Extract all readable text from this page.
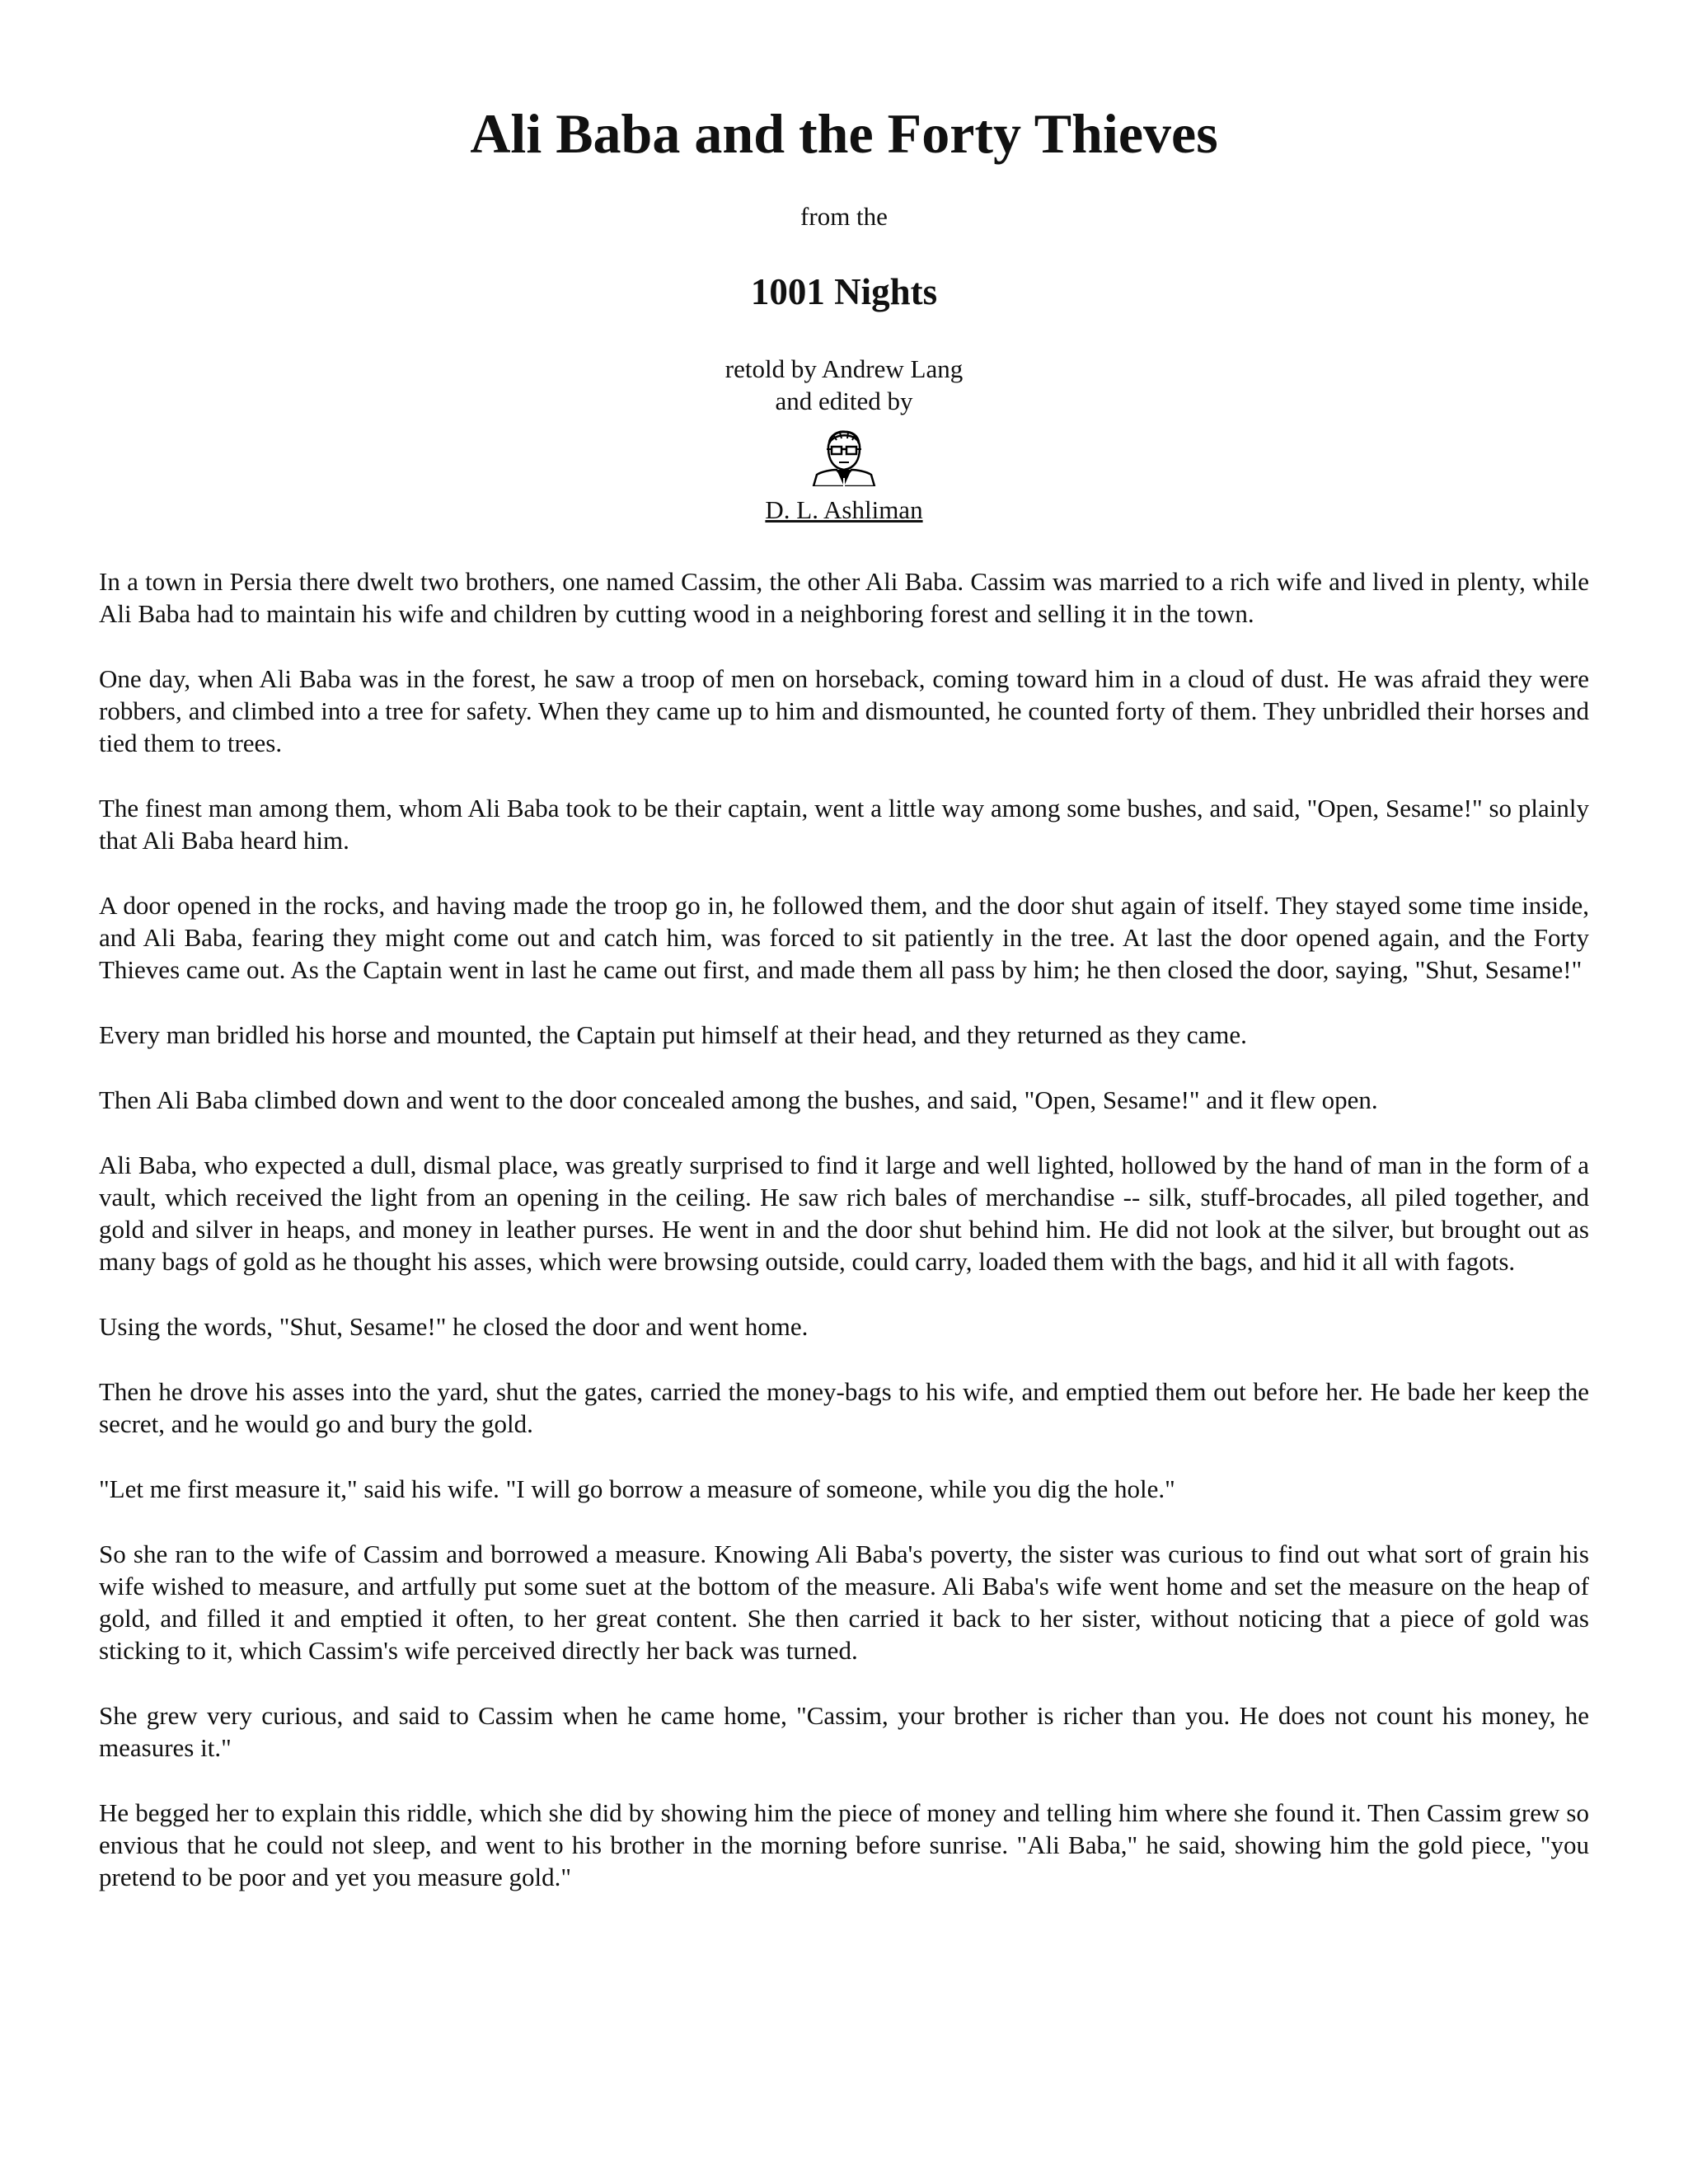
Ali Baba and the Forty Thieves
from the
1001 Nights
retold by Andrew Lang
and edited by
D. L. Ashliman

In a town in Persia there dwelt two brothers, one named Cassim, the other Ali Baba. Cassim was married to a rich wife and lived in plenty, while Ali Baba had to maintain his wife and children by cutting wood in a neighboring forest and selling it in the town.

One day, when Ali Baba was in the forest, he saw a troop of men on horseback, coming toward him in a cloud of dust. He was afraid they were robbers, and climbed into a tree for safety. When they came up to him and dismounted, he counted forty of them. They unbridled their horses and tied them to trees.

The finest man among them, whom Ali Baba took to be their captain, went a little way among some bushes, and said, "Open, Sesame!" so plainly that Ali Baba heard him.

A door opened in the rocks, and having made the troop go in, he followed them, and the door shut again of itself. They stayed some time inside, and Ali Baba, fearing they might come out and catch him, was forced to sit patiently in the tree. At last the door opened again, and the Forty Thieves came out. As the Captain went in last he came out first, and made them all pass by him; he then closed the door, saying, "Shut, Sesame!"

Every man bridled his horse and mounted, the Captain put himself at their head, and they returned as they came.

Then Ali Baba climbed down and went to the door concealed among the bushes, and said, "Open, Sesame!" and it flew open.

Ali Baba, who expected a dull, dismal place, was greatly surprised to find it large and well lighted, hollowed by the hand of man in the form of a vault, which received the light from an opening in the ceiling. He saw rich bales of merchandise -- silk, stuff-brocades, all piled together, and gold and silver in heaps, and money in leather purses. He went in and the door shut behind him. He did not look at the silver, but brought out as many bags of gold as he thought his asses, which were browsing outside, could carry, loaded them with the bags, and hid it all with fagots.

Using the words, "Shut, Sesame!" he closed the door and went home.

Then he drove his asses into the yard, shut the gates, carried the money-bags to his wife, and emptied them out before her. He bade her keep the secret, and he would go and bury the gold.

"Let me first measure it," said his wife. "I will go borrow a measure of someone, while you dig the hole."

So she ran to the wife of Cassim and borrowed a measure. Knowing Ali Baba's poverty, the sister was curious to find out what sort of grain his wife wished to measure, and artfully put some suet at the bottom of the measure. Ali Baba's wife went home and set the measure on the heap of gold, and filled it and emptied it often, to her great content. She then carried it back to her sister, without noticing that a piece of gold was sticking to it, which Cassim's wife perceived directly her back was turned.

She grew very curious, and said to Cassim when he came home, "Cassim, your brother is richer than you. He does not count his money, he measures it."

He begged her to explain this riddle, which she did by showing him the piece of money and telling him where she found it. Then Cassim grew so envious that he could not sleep, and went to his brother in the morning before sunrise. "Ali Baba," he said, showing him the gold piece, "you pretend to be poor and yet you measure gold."
